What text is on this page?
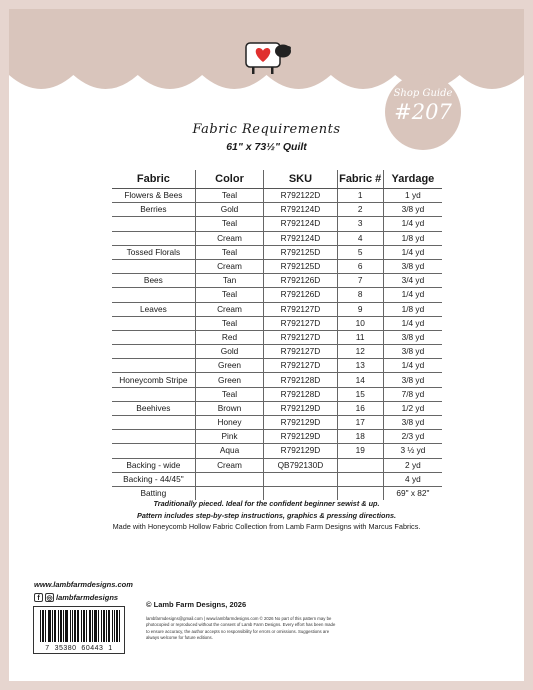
Shop Guide
#207
Fabric Requirements
61" x 73½" Quilt
Fabric	Color	SKU	Fabric #	Yardage
Flowers & Bees	Teal	R792122D	1	1 yd
Berries	Gold	R792124D	2	3/8 yd
	Teal	R792124D	3	1/4 yd
	Cream	R792124D	4	1/8 yd
Tossed Florals	Teal	R792125D	5	1/4 yd
	Cream	R792125D	6	3/8 yd
Bees	Tan	R792126D	7	3/4 yd
	Teal	R792126D	8	1/4 yd
Leaves	Cream	R792127D	9	1/8 yd
	Teal	R792127D	10	1/4 yd
	Red	R792127D	11	3/8 yd
	Gold	R792127D	12	3/8 yd
	Green	R792127D	13	1/4 yd
Honeycomb Stripe	Green	R792128D	14	3/8 yd
	Teal	R792128D	15	7/8 yd
Beehives	Brown	R792129D	16	1/2 yd
	Honey	R792129D	17	3/8 yd
	Pink	R792129D	18	2/3 yd
	Aqua	R792129D	19	3 ½ yd
Backing - wide	Cream	QB792130D		2 yd
Backing - 44/45"				4 yd
Batting				69" x 82"
Traditionally pieced. Ideal for the confident beginner sewist & up.
Pattern includes step-by-step instructions, graphics & pressing directions.
Made with Honeycomb Hollow Fabric Collection from Lamb Farm Designs with Marcus Fabrics.
www.lambfarmdesigns.com
f ◎ lambfarmdesigns
7  35380  60443  1
© Lamb Farm Designs, 2026
lambfarmdesigns@gmail.com | www.lambfarmdesigns.com © 2026 No part of this pattern may be photocopied or reproduced without the consent of Lamb Farm Designs. Every effort has been made to ensure accuracy, the author accepts no responsibility for errors or omissions. Suggestions are always welcome for future editions.
